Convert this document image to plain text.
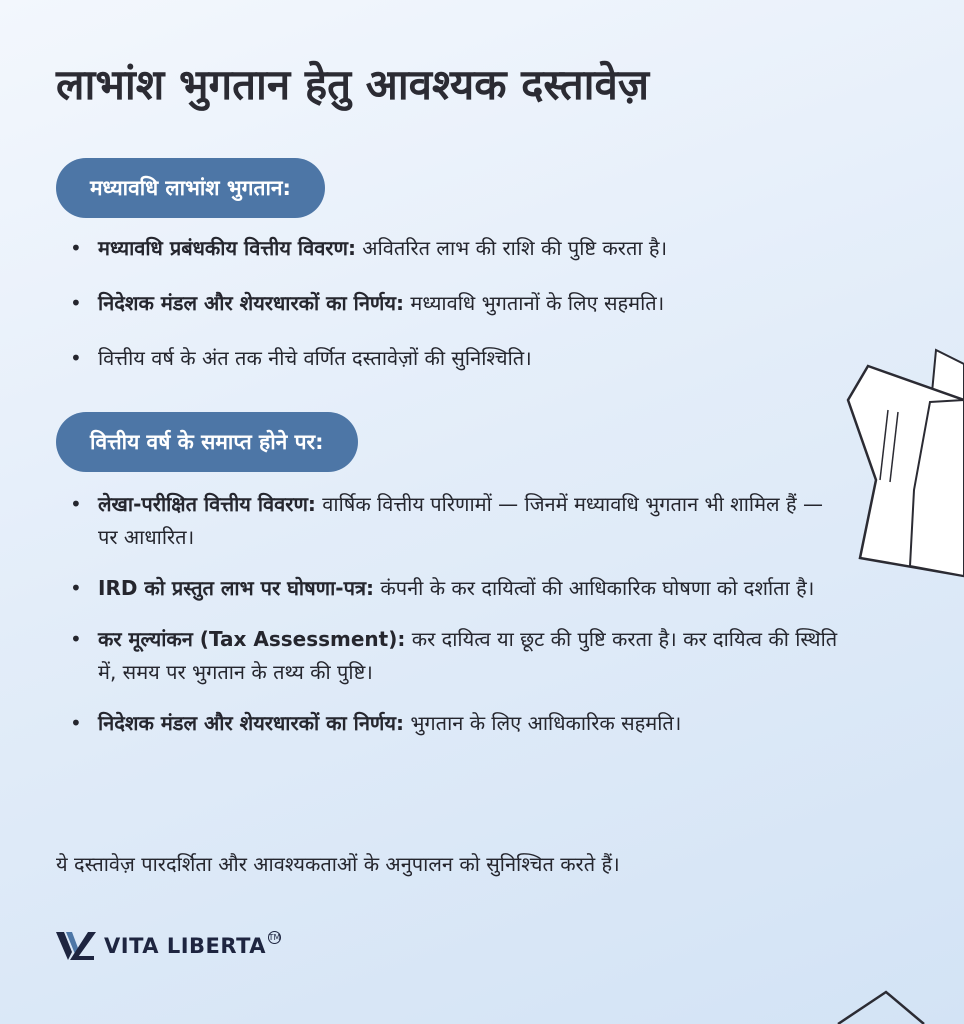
लाभांश भुगतान हेतु आवश्यक दस्तावेज़
मध्यावधि लाभांश भुगतान:
• मध्यावधि प्रबंधकीय वित्तीय विवरण: अवितरित लाभ की राशि की पुष्टि करता है।
• निदेशक मंडल और शेयरधारकों का निर्णय: मध्यावधि भुगतानों के लिए सहमति।
• वित्तीय वर्ष के अंत तक नीचे वर्णित दस्तावेज़ों की सुनिश्चिति।
वित्तीय वर्ष के समाप्त होने पर:
• लेखा-परीक्षित वित्तीय विवरण: वार्षिक वित्तीय परिणामों — जिनमें मध्यावधि भुगतान भी शामिल हैं — पर आधारित।
• IRD को प्रस्तुत लाभ पर घोषणा-पत्र: कंपनी के कर दायित्वों की आधिकारिक घोषणा को दर्शाता है।
• कर मूल्यांकन (Tax Assessment): कर दायित्व या छूट की पुष्टि करता है। कर दायित्व की स्थिति में, समय पर भुगतान के तथ्य की पुष्टि।
• निदेशक मंडल और शेयरधारकों का निर्णय: भुगतान के लिए आधिकारिक सहमति।

ये दस्तावेज़ पारदर्शिता और आवश्यकताओं के अनुपालन को सुनिश्चित करते हैं।

VITA LIBERTA TM
